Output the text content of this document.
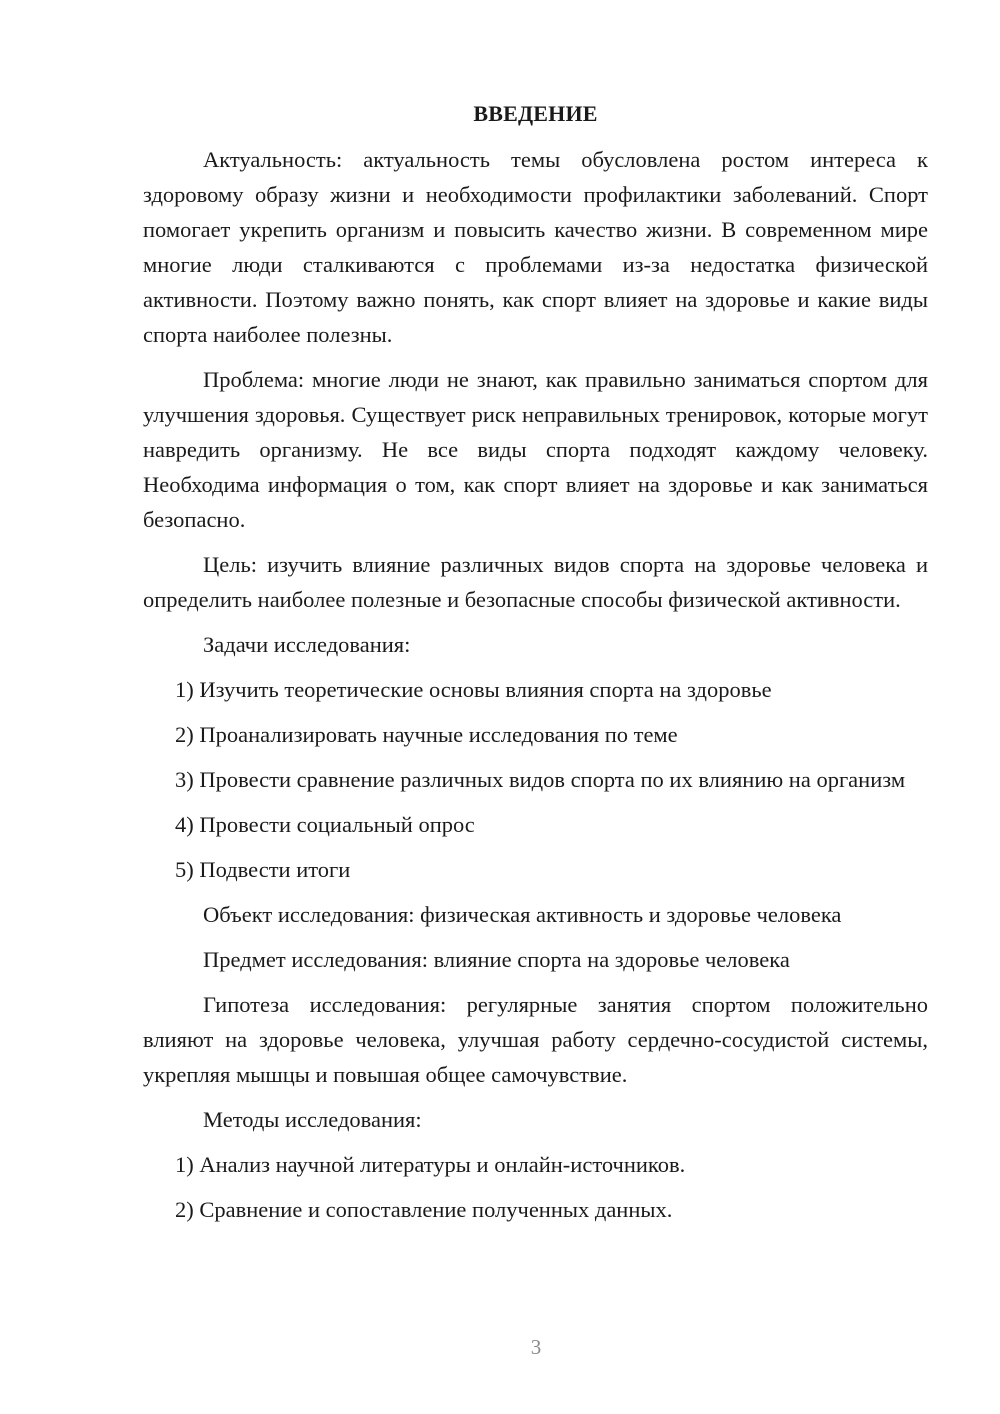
ВВЕДЕНИЕ

Актуальность: актуальность темы обусловлена ростом интереса к здоровому образу жизни и необходимости профилактики заболеваний. Спорт помогает укрепить организм и повысить качество жизни. В современном мире многие люди сталкиваются с проблемами из-за недостатка физической активности. Поэтому важно понять, как спорт влияет на здоровье и какие виды спорта наиболее полезны.

Проблема: многие люди не знают, как правильно заниматься спортом для улучшения здоровья. Существует риск неправильных тренировок, которые могут навредить организму. Не все виды спорта подходят каждому человеку. Необходима информация о том, как спорт влияет на здоровье и как заниматься безопасно.

Цель: изучить влияние различных видов спорта на здоровье человека и определить наиболее полезные и безопасные способы физической активности.

Задачи исследования:

1) Изучить теоретические основы влияния спорта на здоровье

2) Проанализировать научные исследования по теме

3) Провести сравнение различных видов спорта по их влиянию на организм

4) Провести социальный опрос

5) Подвести итоги

Объект исследования: физическая активность и здоровье человека

Предмет исследования: влияние спорта на здоровье человека

Гипотеза исследования: регулярные занятия спортом положительно влияют на здоровье человека, улучшая работу сердечно-сосудистой системы, укрепляя мышцы и повышая общее самочувствие.

Методы исследования:

1) Анализ научной литературы и онлайн-источников.

2) Сравнение и сопоставление полученных данных.

3
